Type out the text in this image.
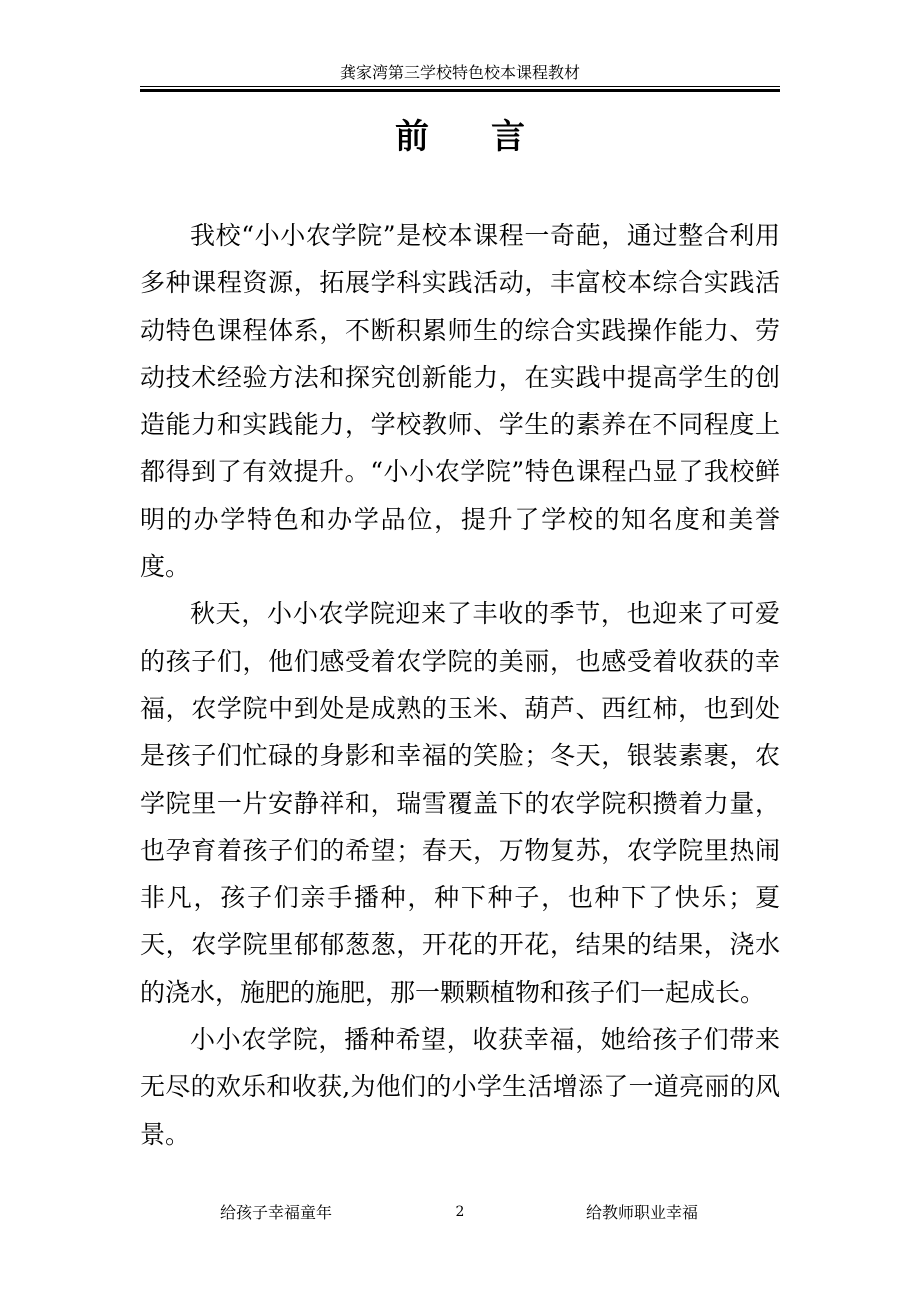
龚家湾第三学校特色校本课程教材
前言

我校“小小农学院”是校本课程一奇葩，通过整合利用多种课程资源，拓展学科实践活动，丰富校本综合实践活动特色课程体系，不断积累师生的综合实践操作能力、劳动技术经验方法和探究创新能力，在实践中提高学生的创造能力和实践能力，学校教师、学生的素养在不同程度上都得到了有效提升。“小小农学院”特色课程凸显了我校鲜明的办学特色和办学品位，提升了学校的知名度和美誉度。

秋天，小小农学院迎来了丰收的季节，也迎来了可爱的孩子们，他们感受着农学院的美丽，也感受着收获的幸福，农学院中到处是成熟的玉米、葫芦、西红柿，也到处是孩子们忙碌的身影和幸福的笑脸；冬天，银装素裹，农学院里一片安静祥和，瑞雪覆盖下的农学院积攒着力量，也孕育着孩子们的希望；春天，万物复苏，农学院里热闹非凡，孩子们亲手播种，种下种子，也种下了快乐；夏天，农学院里郁郁葱葱，开花的开花，结果的结果，浇水的浇水，施肥的施肥，那一颗颗植物和孩子们一起成长。

小小农学院，播种希望，收获幸福，她给孩子们带来无尽的欢乐和收获,为他们的小学生活增添了一道亮丽的风景。

给孩子幸福童年	2	给教师职业幸福
